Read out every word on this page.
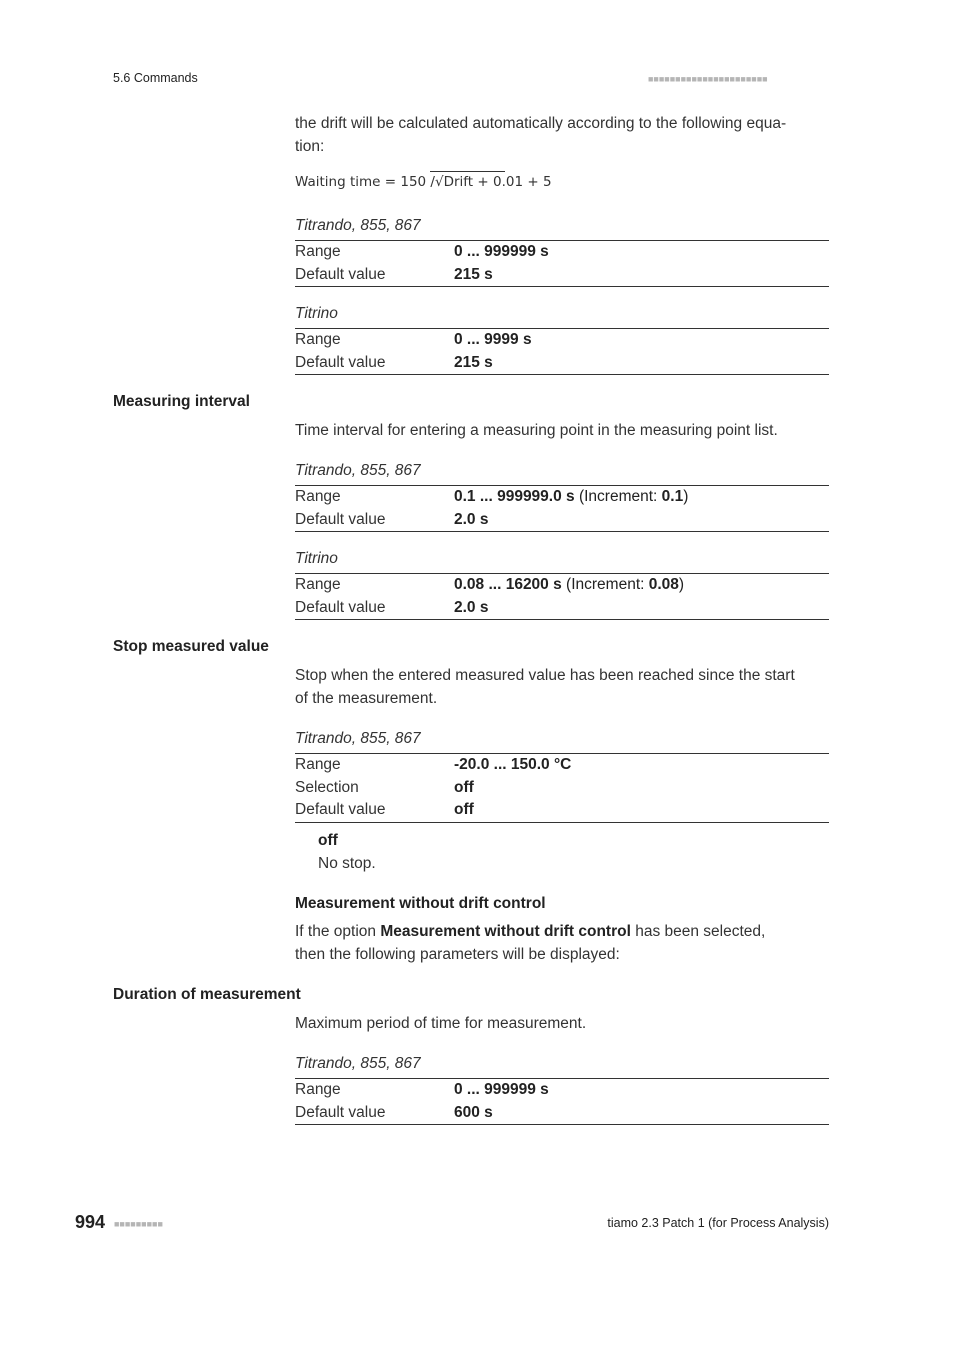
5.6 Commands	■■■■■■■■■■■■■■■■■■■■■■
the drift will be calculated automatically according to the following equa-
tion:
Waiting time = 150 /√Drift + 0.01 + 5
Titrando, 855, 867
Range	0 ... 999999 s
Default value	215 s
Titrino
Range	0 ... 9999 s
Default value	215 s
Measuring interval
Time interval for entering a measuring point in the measuring point list.
Titrando, 855, 867
Range	0.1 ... 999999.0 s (Increment: 0.1)
Default value	2.0 s
Titrino
Range	0.08 ... 16200 s (Increment: 0.08)
Default value	2.0 s
Stop measured value
Stop when the entered measured value has been reached since the start
of the measurement.
Titrando, 855, 867
Range	-20.0 ... 150.0 °C
Selection	off
Default value	off
off
No stop.
Measurement without drift control
If the option Measurement without drift control has been selected,
then the following parameters will be displayed:
Duration of measurement
Maximum period of time for measurement.
Titrando, 855, 867
Range	0 ... 999999 s
Default value	600 s
994 ■■■■■■■■■	tiamo 2.3 Patch 1 (for Process Analysis)
